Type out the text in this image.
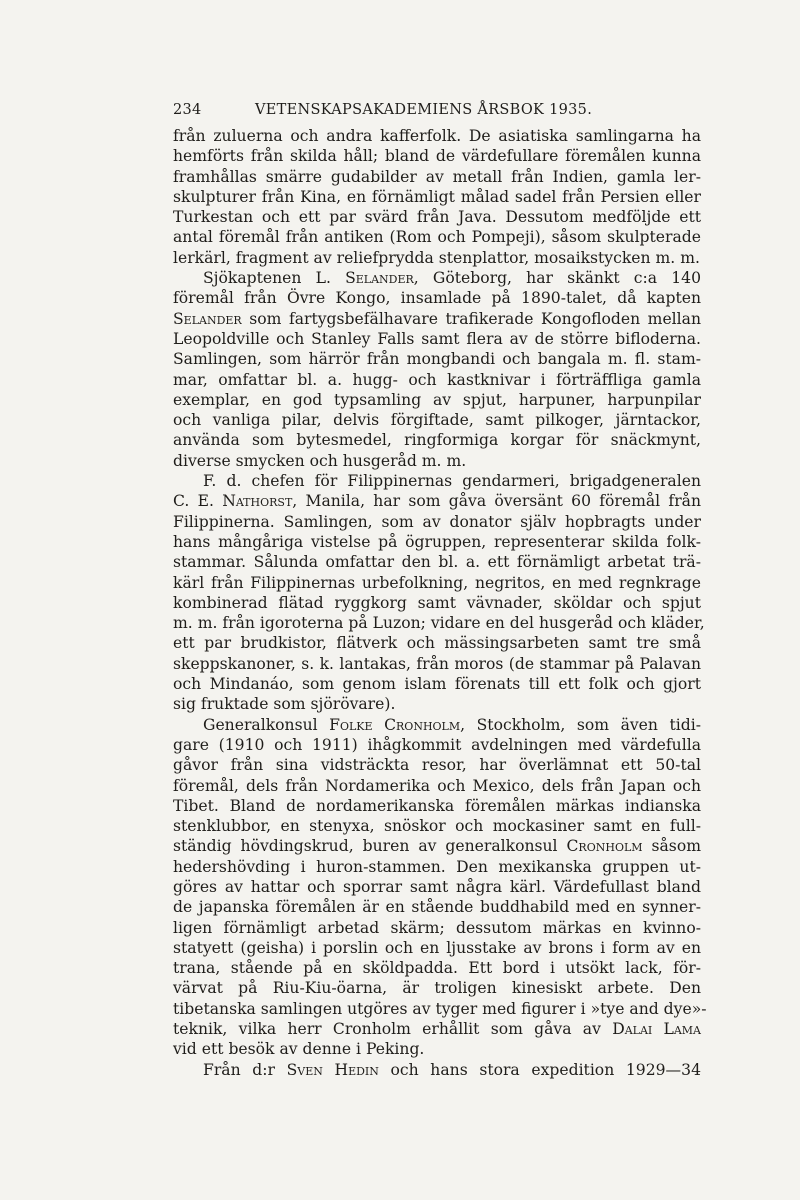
234	VETENSKAPSAKADEMIENS ÅRSBOK 1935.
från zuluerna och andra kafferfolk. De asiatiska samlingarna ha
hemförts från skilda håll; bland de värdefullare föremålen kunna
framhållas smärre gudabilder av metall från Indien, gamla ler-
skulpturer från Kina, en förnämligt målad sadel från Persien eller
Turkestan och ett par svärd från Java. Dessutom medföljde ett
antal föremål från antiken (Rom och Pompeji), såsom skulpterade
lerkärl, fragment av reliefprydda stenplattor, mosaikstycken m. m.
Sjökaptenen L. Selander, Göteborg, har skänkt c:a 140
föremål från Övre Kongo, insamlade på 1890-talet, då kapten
Selander som fartygsbefälhavare trafikerade Kongofloden mellan
Leopoldville och Stanley Falls samt flera av de större bifloderna.
Samlingen, som härrör från mongbandi och bangala m. fl. stam-
mar, omfattar bl. a. hugg- och kastknivar i förträffliga gamla
exemplar, en god typsamling av spjut, harpuner, harpunpilar
och vanliga pilar, delvis förgiftade, samt pilkoger, järntackor,
använda som bytesmedel, ringformiga korgar för snäckmynt,
diverse smycken och husgeråd m. m.
F. d. chefen för Filippinernas gendarmeri, brigadgeneralen
C. E. Nathorst, Manila, har som gåva översänt 60 föremål från
Filippinerna. Samlingen, som av donator själv hopbragts under
hans mångåriga vistelse på ögruppen, representerar skilda folk-
stammar. Sålunda omfattar den bl. a. ett förnämligt arbetat trä-
kärl från Filippinernas urbefolkning, negritos, en med regnkrage
kombinerad flätad ryggkorg samt vävnader, sköldar och spjut
m. m. från igoroterna på Luzon; vidare en del husgeråd och kläder,
ett par brudkistor, flätverk och mässingsarbeten samt tre små
skeppskanoner, s. k. lantakas, från moros (de stammar på Palavan
och Mindanáo, som genom islam förenats till ett folk och gjort
sig fruktade som sjörövare).
Generalkonsul Folke Cronholm, Stockholm, som även tidi-
gare (1910 och 1911) ihågkommit avdelningen med värdefulla
gåvor från sina vidsträckta resor, har överlämnat ett 50-tal
föremål, dels från Nordamerika och Mexico, dels från Japan och
Tibet. Bland de nordamerikanska föremålen märkas indianska
stenklubbor, en stenyxa, snöskor och mockasiner samt en full-
ständig hövdingskrud, buren av generalkonsul Cronholm såsom
hedershövding i huron-stammen. Den mexikanska gruppen ut-
göres av hattar och sporrar samt några kärl. Värdefullast bland
de japanska föremålen är en stående buddhabild med en synner-
ligen förnämligt arbetad skärm; dessutom märkas en kvinno-
statyett (geisha) i porslin och en ljusstake av brons i form av en
trana, stående på en sköldpadda. Ett bord i utsökt lack, för-
värvat på Riu-Kiu-öarna, är troligen kinesiskt arbete. Den
tibetanska samlingen utgöres av tyger med figurer i »tye and dye»-
teknik, vilka herr Cronholm erhållit som gåva av Dalai Lama
vid ett besök av denne i Peking.
Från d:r Sven Hedin och hans stora expedition 1929—34
